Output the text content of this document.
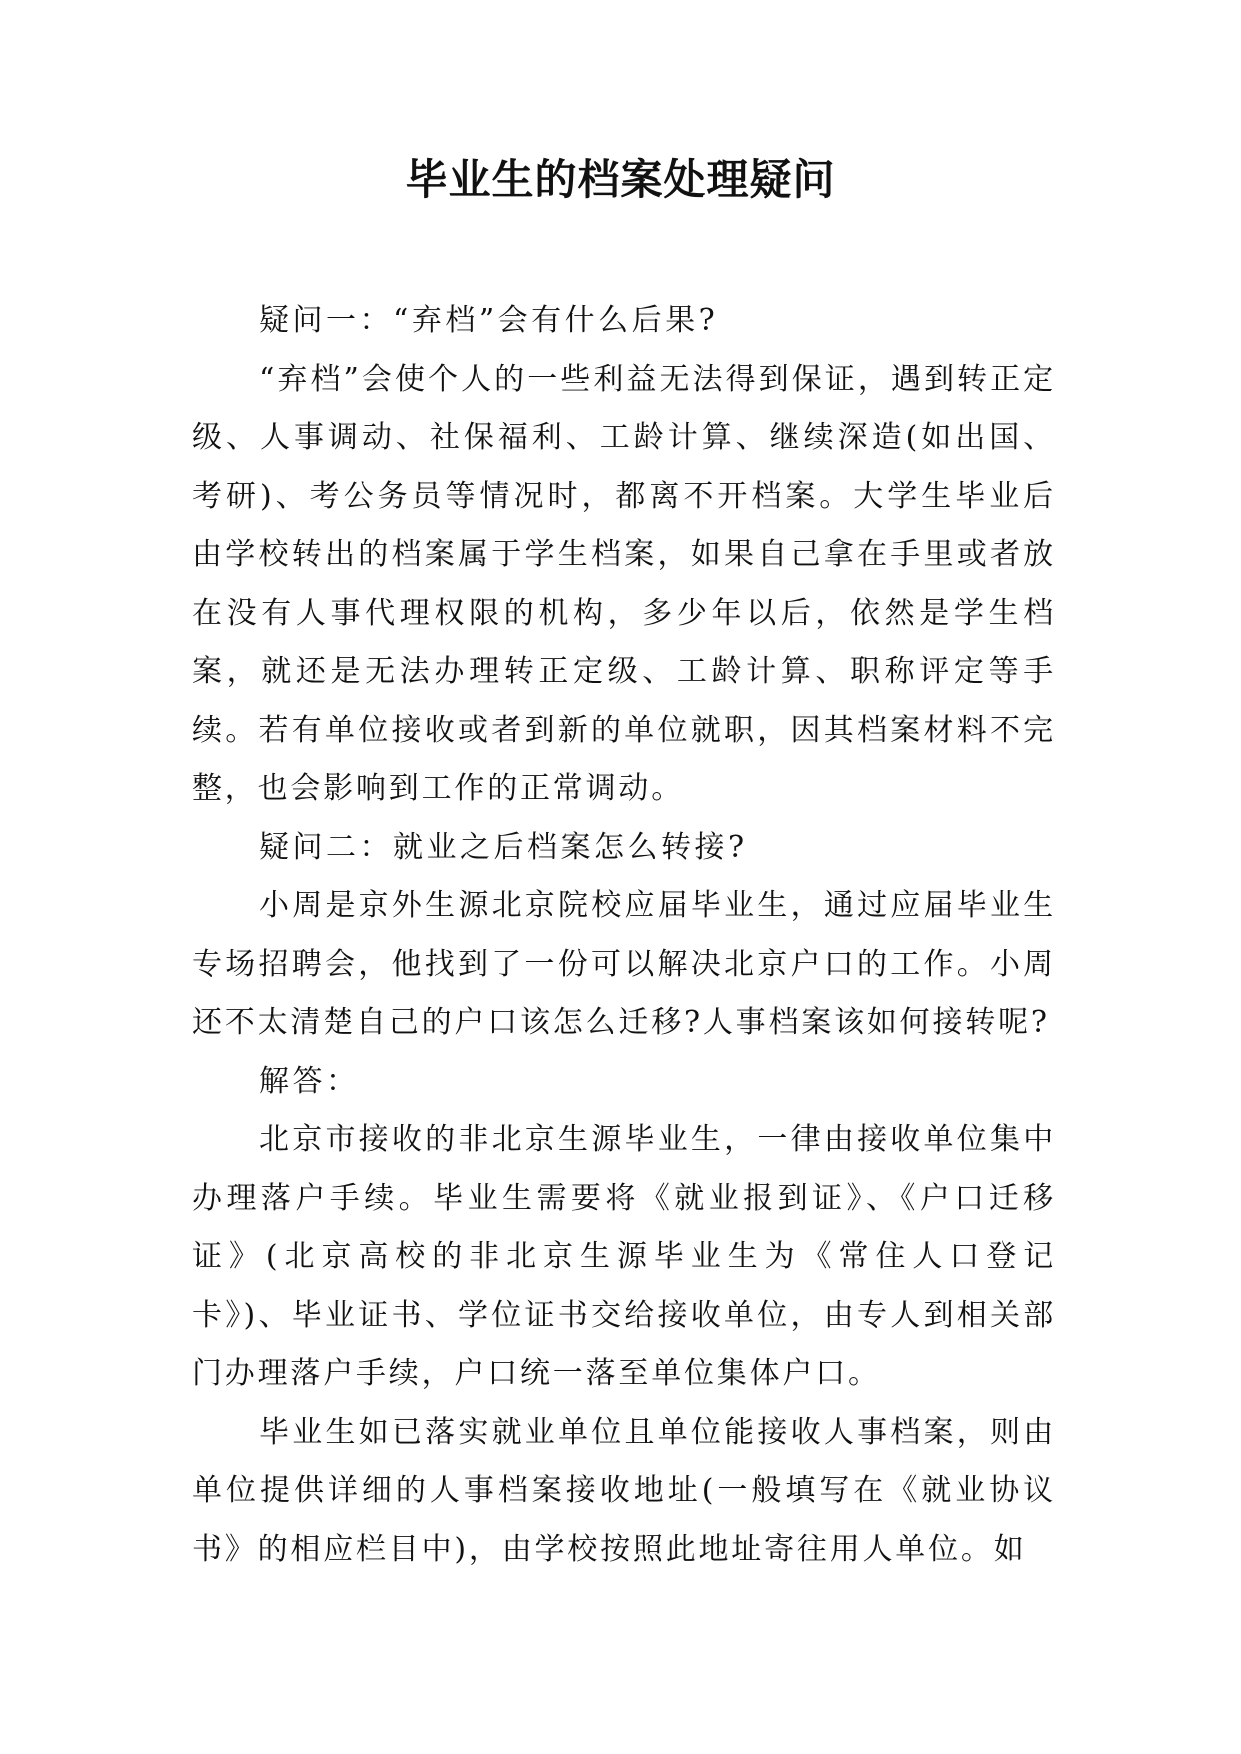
毕业生的档案处理疑问

疑问一：“弃档”会有什么后果?

“弃档”会使个人的一些利益无法得到保证，遇到转正定级、人事调动、社保福利、工龄计算、继续深造(如出国、考研)、考公务员等情况时，都离不开档案。大学生毕业后由学校转出的档案属于学生档案，如果自己拿在手里或者放在没有人事代理权限的机构，多少年以后，依然是学生档案，就还是无法办理转正定级、工龄计算、职称评定等手续。若有单位接收或者到新的单位就职，因其档案材料不完整，也会影响到工作的正常调动。

疑问二：就业之后档案怎么转接?

小周是京外生源北京院校应届毕业生，通过应届毕业生专场招聘会，他找到了一份可以解决北京户口的工作。小周还不太清楚自己的户口该怎么迁移?人事档案该如何接转呢?

解答：

北京市接收的非北京生源毕业生，一律由接收单位集中办理落户手续。毕业生需要将《就业报到证》、《户口迁移证》(北京高校的非北京生源毕业生为《常住人口登记卡》)、毕业证书、学位证书交给接收单位，由专人到相关部门办理落户手续，户口统一落至单位集体户口。

毕业生如已落实就业单位且单位能接收人事档案，则由单位提供详细的人事档案接收地址(一般填写在《就业协议书》的相应栏目中)，由学校按照此地址寄往用人单位。如
